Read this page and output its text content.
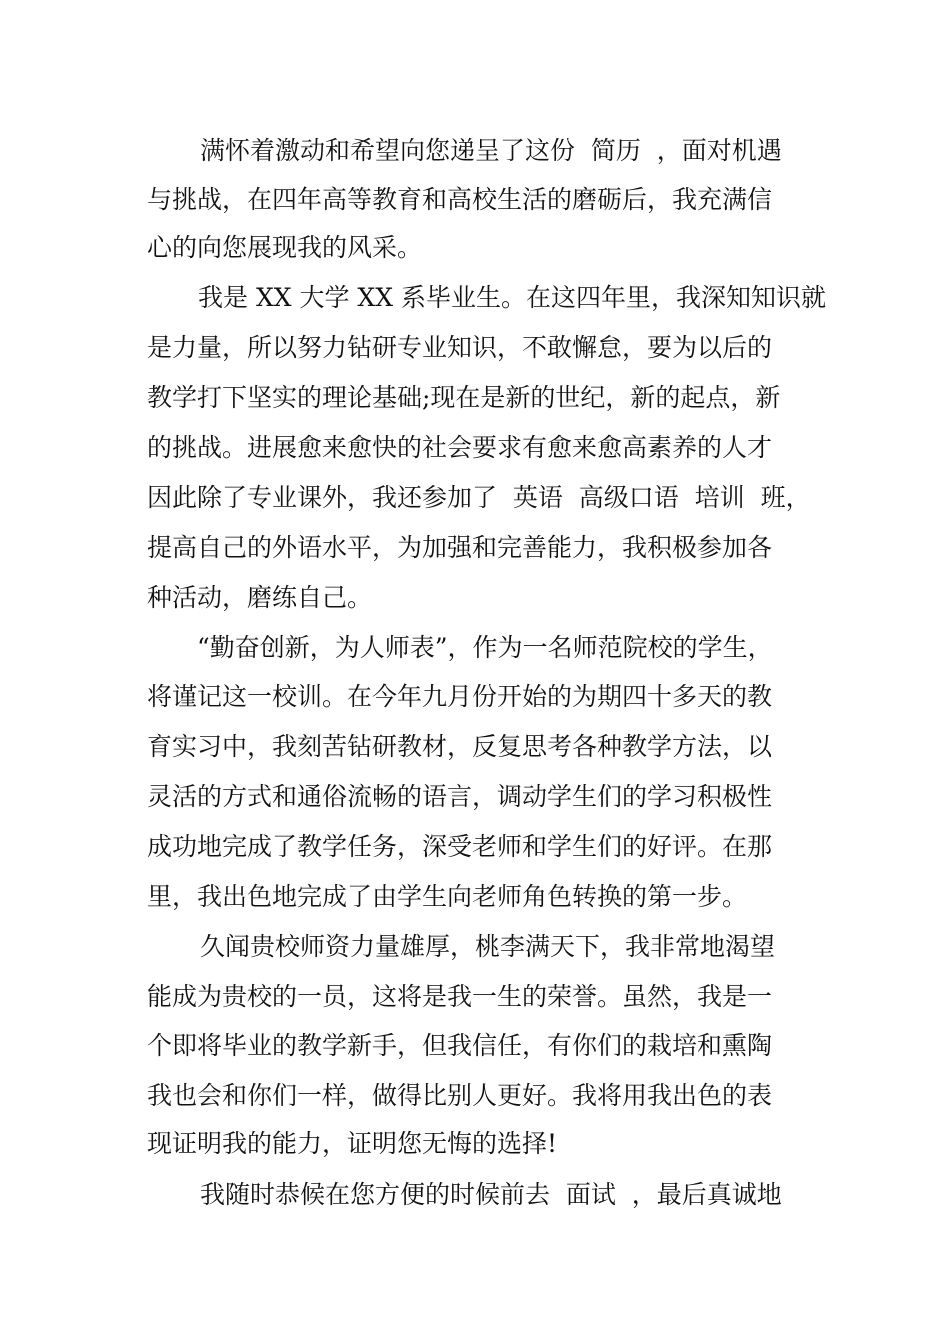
满怀着激动和希望向您递呈了这份  简历  ，面对机遇
与挑战，在四年高等教育和高校生活的磨砺后，我充满信
心的向您展现我的风采。
我是 XX 大学 XX 系毕业生。在这四年里，我深知知识就
是力量，所以努力钻研专业知识，不敢懈怠，要为以后的
教学打下坚实的理论基础;现在是新的世纪，新的起点，新
的挑战。进展愈来愈快的社会要求有愈来愈高素养的人才
因此除了专业课外，我还参加了  英语  高级口语  培训  班，
提高自己的外语水平，为加强和完善能力，我积极参加各
种活动，磨练自己。
“勤奋创新，为人师表”，作为一名师范院校的学生，
将谨记这一校训。在今年九月份开始的为期四十多天的教
育实习中，我刻苦钻研教材，反复思考各种教学方法，以
灵活的方式和通俗流畅的语言，调动学生们的学习积极性
成功地完成了教学任务，深受老师和学生们的好评。在那
里，我出色地完成了由学生向老师角色转换的第一步。
久闻贵校师资力量雄厚，桃李满天下，我非常地渴望
能成为贵校的一员，这将是我一生的荣誉。虽然，我是一
个即将毕业的教学新手，但我信任，有你们的栽培和熏陶
我也会和你们一样，做得比别人更好。我将用我出色的表
现证明我的能力，证明您无悔的选择!
我随时恭候在您方便的时候前去  面试  ，最后真诚地
